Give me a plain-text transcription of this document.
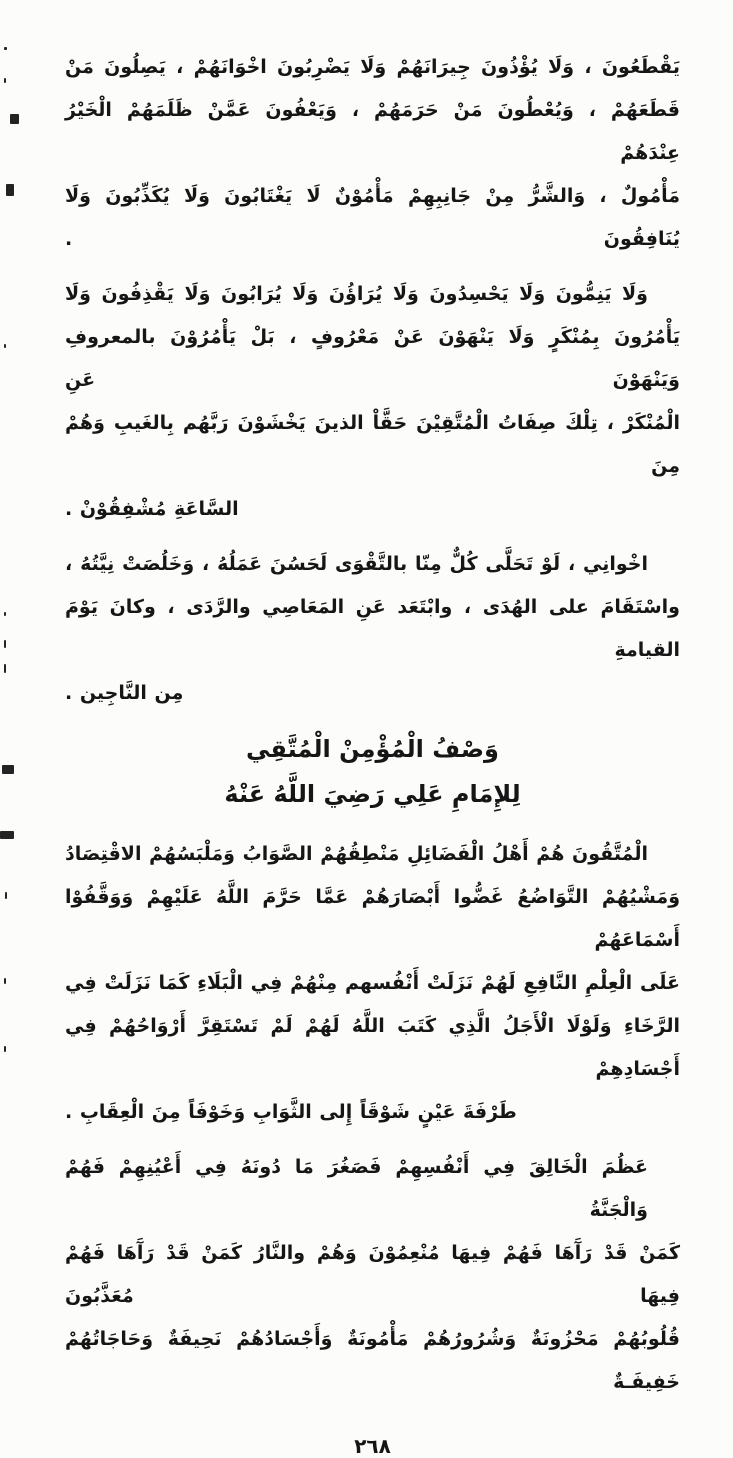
يَقْطَعُونَ ، وَلَا يُؤْذُونَ جِيرَانَهُمْ وَلَا يَضْرِبُونَ اخْوَانَهُمْ ، يَصِلُونَ مَنْ
قَطَعَهُمْ ، وَيُعْطُونَ مَنْ حَرَمَهُمْ ، وَيَعْفُونَ عَمَّنْ ظَلَمَهُمْ الْخَيْرُ عِنْدَهُمْ
مَأْمُولٌ ، وَالشَّرُّ مِنْ جَانِبِهِمْ مَأْمُوْنٌ لَا يَغْتَابُونَ وَلَا يُكَذِّبُونَ وَلَا يُنَافِقُونَ .
وَلَا يَنِمُّونَ وَلَا يَحْسِدُونَ وَلَا يُرَاؤُنَ وَلَا يُرَابُونَ وَلَا يَقْذِفُونَ وَلَا
يَأْمُرُونَ بِمُنْكَرٍ وَلَا يَنْهَوْنَ عَنْ مَعْرُوفٍ ، بَلْ يَأْمُرُوْنَ بالمعروفِ وَيَنْهَوْنَ عَنِ
الْمُنْكَرْ ، تِلْكَ صِفَاتُ الْمُتَّقِيْنَ حَقَّاْ الذينَ يَخْشَوْنَ رَبَّهُم بِالغَيبِ وَهُمْ مِنَ
السَّاعَةِ مُشْفِقُوْنْ .
اخْوانِي ، لَوْ تَحَلَّى كُلٌّ مِنّا بالتَّقْوَى لَحَسُنَ عَمَلُهُ ، وَخَلُصَتْ نِيَّتُهُ ،
واسْتَقَامَ على الهُدَى ، وابْتَعَد عَنِ المَعَاصِي والرَّدَى ، وكانَ يَوْمَ القيامةِ
مِن النَّاجِين .
وَصْفُ الْمُؤْمِنْ الْمُتَّقِي
لِلإِمَامِ عَلِي رَضِيَ اللَّهُ عَنْهُ
الْمُتَّقُونَ هُمْ أَهْلُ الْفَضَائِلِ مَنْطِقُهُمْ الصَّوَابُ وَمَلْبَسُهُمْ الاقْتِصَادُ
وَمَشْيُهُمْ التَّوَاضُعُ غَضُّوا أَبْصَارَهُمْ عَمَّا حَرَّمَ اللَّهُ عَلَيْهِمْ وَوَقَّفُوْا أَسْمَاعَهُمْ
عَلَى الْعِلْمِ النَّافِعِ لَهُمْ نَزَلَتْ أَنْفُسهم مِنْهُمْ فِي الْبَلَاءِ كَمَا نَزَلَتْ فِي
الرَّخَاءِ وَلَوْلَا الْأَجَلُ الَّذِي كَتَبَ اللَّهُ لَهُمْ لَمْ تَسْتَقِرَّ أَرْوَاحُهُمْ فِي أَجْسَادِهِمْ
طَرْفَةَ عَيْنٍ شَوْقَاً إِلى الثَّوَابِ وَخَوْفَاً مِنَ الْعِقَابِ .
عَظُمَ الْخَالِقَ فِي أَنْفُسِهِمْ فَصَغُرَ مَا دُونَهُ فِي أَعْيُنِهِمْ فَهُمْ وَالْجَنَّةُ
كَمَنْ قَدْ رَآَهَا فَهُمْ فِيهَا مُنْعِمُوْنَ وَهُمْ والنَّارُ كَمَنْ قَدْ رَآَهَا فَهُمْ فِيهَا مُعَذَّبُونَ
قُلُوبُهُمْ مَحْزُونَةٌ وَشُرُورُهُمْ مَأْمُونَةٌ وَأَجْسَادُهُمْ نَحِيفَةٌ وَحَاجَاتُهُمْ خَفِيفَـةٌ
٢٦٨
